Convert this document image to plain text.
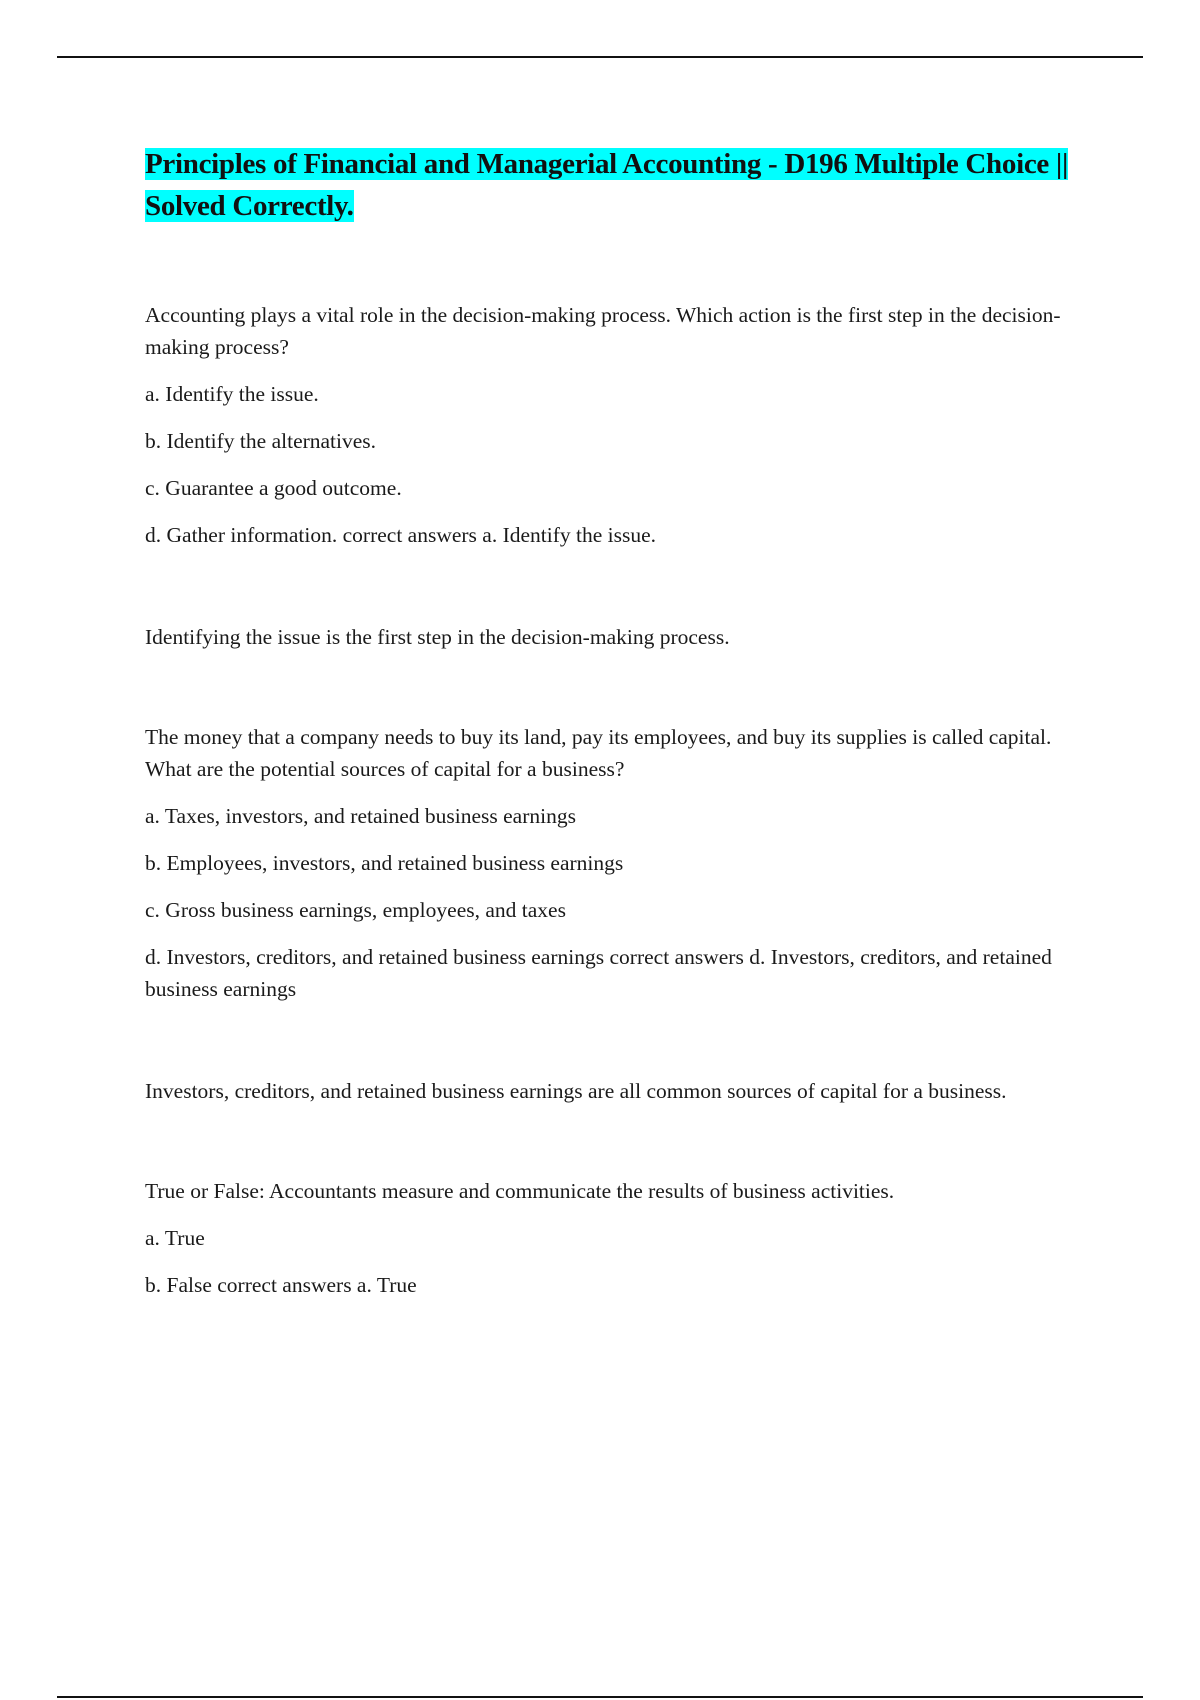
Principles of Financial and Managerial Accounting - D196 Multiple Choice || Solved Correctly.

Accounting plays a vital role in the decision-making process. Which action is the first step in the decision-making process?

a. Identify the issue.

b. Identify the alternatives.

c. Guarantee a good outcome.

d. Gather information. correct answers a. Identify the issue.

Identifying the issue is the first step in the decision-making process.

The money that a company needs to buy its land, pay its employees, and buy its supplies is called capital. What are the potential sources of capital for a business?

a. Taxes, investors, and retained business earnings

b. Employees, investors, and retained business earnings

c. Gross business earnings, employees, and taxes

d. Investors, creditors, and retained business earnings correct answers d. Investors, creditors, and retained business earnings

Investors, creditors, and retained business earnings are all common sources of capital for a business.

True or False: Accountants measure and communicate the results of business activities.

a. True

b. False correct answers a. True
